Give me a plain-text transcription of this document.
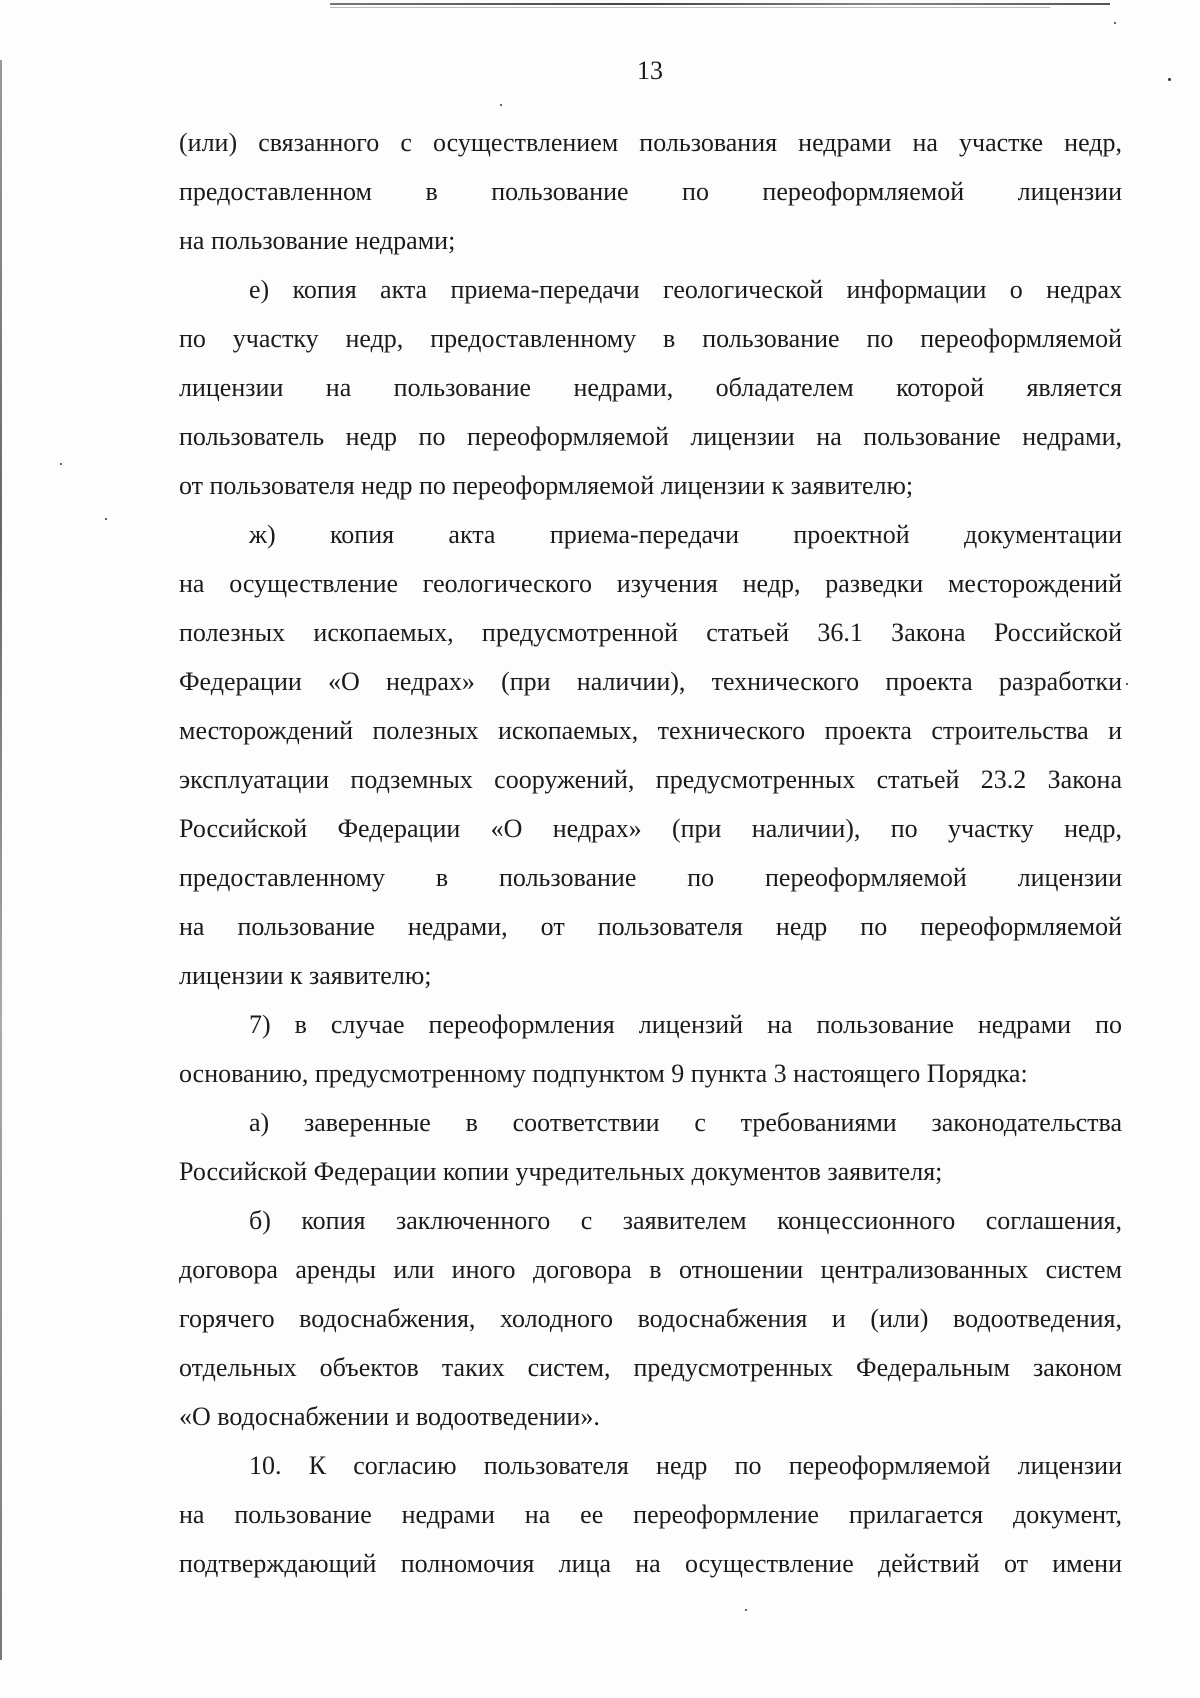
13
(или) связанного с осуществлением пользования недрами на участке недр,
предоставленном в пользование по переоформляемой лицензии
на пользование недрами;
е) копия акта приема-передачи геологической информации о недрах
по участку недр, предоставленному в пользование по переоформляемой
лицензии на пользование недрами, обладателем которой является
пользователь недр по переоформляемой лицензии на пользование недрами,
от пользователя недр по переоформляемой лицензии к заявителю;
ж) копия акта приема-передачи проектной документации
на осуществление геологического изучения недр, разведки месторождений
полезных ископаемых, предусмотренной статьей 36.1 Закона Российской
Федерации «О недрах» (при наличии), технического проекта разработки
месторождений полезных ископаемых, технического проекта строительства и
эксплуатации подземных сооружений, предусмотренных статьей 23.2 Закона
Российской Федерации «О недрах» (при наличии), по участку недр,
предоставленному в пользование по переоформляемой лицензии
на пользование недрами, от пользователя недр по переоформляемой
лицензии к заявителю;
7) в случае переоформления лицензий на пользование недрами по
основанию, предусмотренному подпунктом 9 пункта 3 настоящего Порядка:
а) заверенные в соответствии с требованиями законодательства
Российской Федерации копии учредительных документов заявителя;
б) копия заключенного с заявителем концессионного соглашения,
договора аренды или иного договора в отношении централизованных систем
горячего водоснабжения, холодного водоснабжения и (или) водоотведения,
отдельных объектов таких систем, предусмотренных Федеральным законом
«О водоснабжении и водоотведении».
10. К согласию пользователя недр по переоформляемой лицензии
на пользование недрами на ее переоформление прилагается документ,
подтверждающий полномочия лица на осуществление действий от имени
